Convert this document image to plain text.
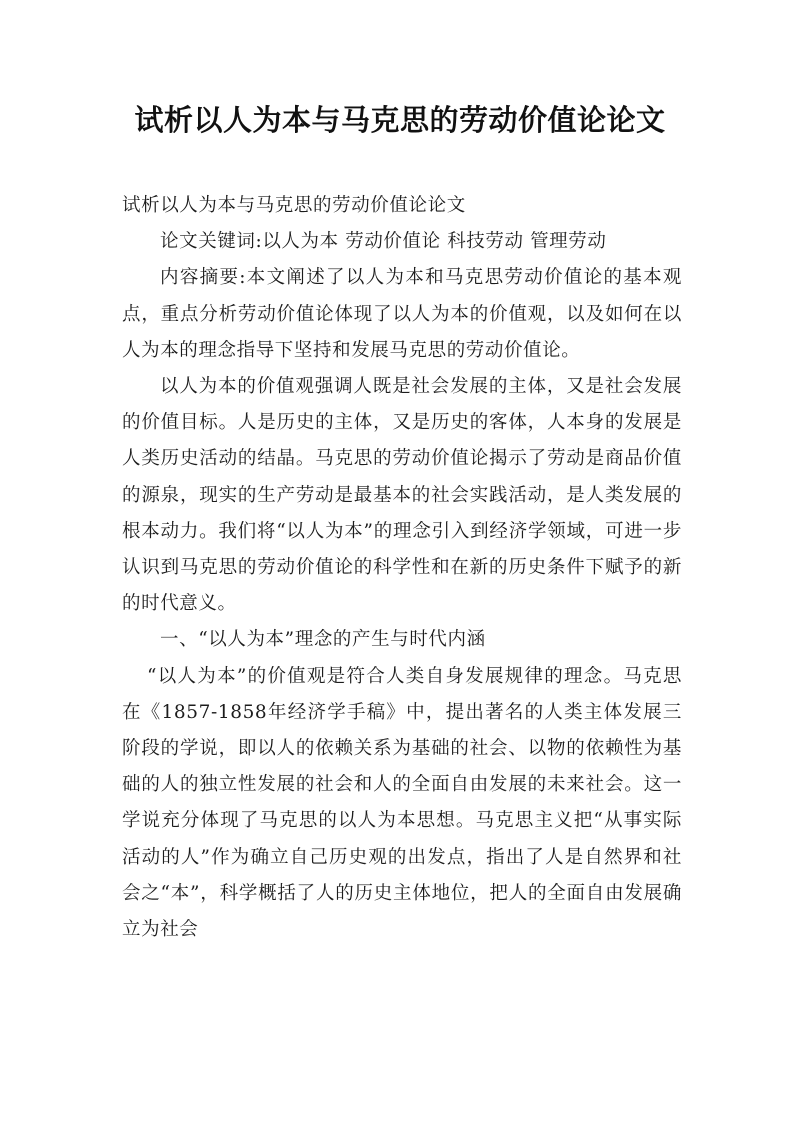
试析以人为本与马克思的劳动价值论论文

试析以人为本与马克思的劳动价值论论文

论文关键词:以人为本 劳动价值论 科技劳动 管理劳动

内容摘要:本文阐述了以人为本和马克思劳动价值论的基本观点，重点分析劳动价值论体现了以人为本的价值观，以及如何在以人为本的理念指导下坚持和发展马克思的劳动价值论。

以人为本的价值观强调人既是社会发展的主体，又是社会发展的价值目标。人是历史的主体，又是历史的客体，人本身的发展是人类历史活动的结晶。马克思的劳动价值论揭示了劳动是商品价值的源泉，现实的生产劳动是最基本的社会实践活动，是人类发展的根本动力。我们将“以人为本”的理念引入到经济学领域，可进一步认识到马克思的劳动价值论的科学性和在新的历史条件下赋予的新的时代意义。

一、“以人为本”理念的产生与时代内涵

“以人为本”的价值观是符合人类自身发展规律的理念。马克思在《1857-1858年经济学手稿》中，提出著名的人类主体发展三阶段的学说，即以人的依赖关系为基础的社会、以物的依赖性为基础的人的独立性发展的社会和人的全面自由发展的未来社会。这一学说充分体现了马克思的以人为本思想。马克思主义把“从事实际活动的人”作为确立自己历史观的出发点，指出了人是自然界和社会之“本”，科学概括了人的历史主体地位，把人的全面自由发展确立为社会
